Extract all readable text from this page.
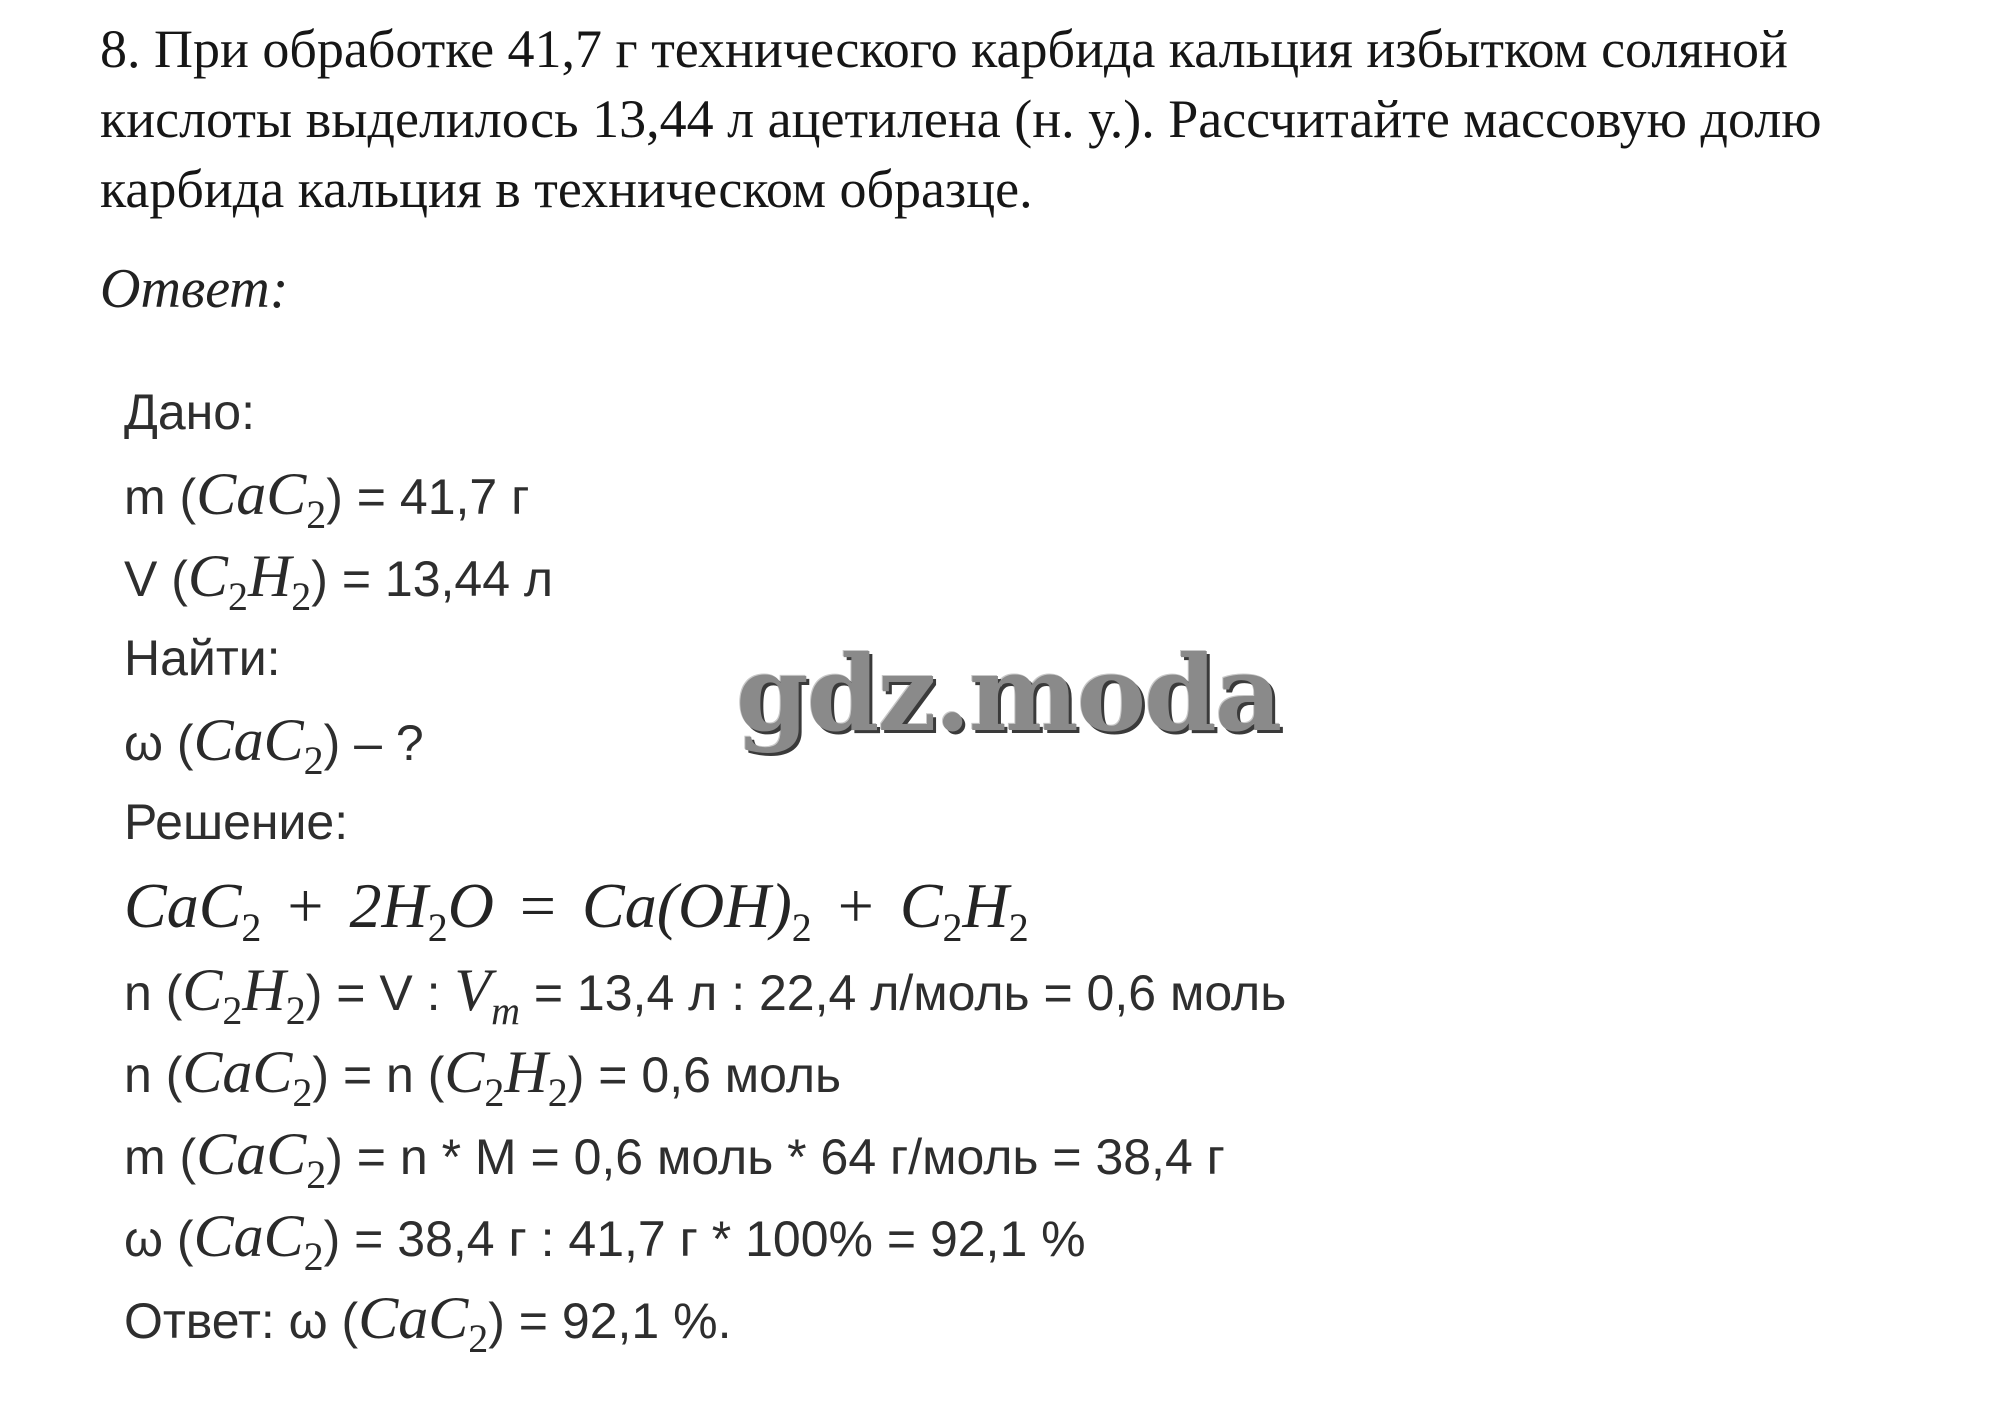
8. При обработке 41,7 г технического карбида кальция избытком соляной
кислоты выделилось 13,44 л ацетилена (н. у.). Рассчитайте массовую долю
карбида кальция в техническом образце.
Ответ:
Дано:
m (CaC$_2$) = 41,7 г
V $(C_2H_2) = 13,44$ л
Найти:
ω (CaC$_2$) – ?
Решение:
$CaC_2 + 2H_2O = Ca(OH)_2 + C_2H_2$
n $(C_2H_2) = V$ : $V_m = 13,4$ л : 22,4 л/моль = 0,6 моль
n (CaC$_2$) = n $(C_2H_2) = 0,6$ моль
m (CaC$_2$) = n * M = 0,6 моль * 64 г/моль = 38,4 г
ω (CaC$_2$) = 38,4 г : 41,7 г * 100% = 92,1 %
Ответ: ω (CaC$_2$) = 92,1 %.
gdz.moda
